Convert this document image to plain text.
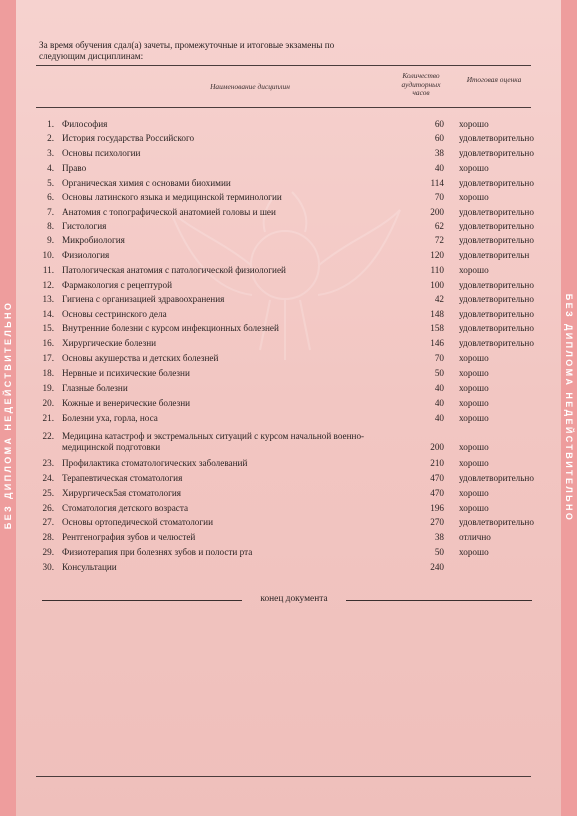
БЕЗ ДИПЛОМА НЕДЕЙСТВИТЕЛЬНО	БЕЗ ДИПЛОМА НЕДЕЙСТВИТЕЛЬНО
За время обучения сдал(а) зачеты, промежуточные и итоговые экзамены по следующим дисциплинам:
Наименование дисциплин
Количество аудиторных часов
Итоговая оценка
1. Философия	60 хорошо
2. История государства Российского	60 удовлетворительно
3. Основы психологии	38 удовлетворительно
4. Право	40 хорошо
5. Органическая химия с основами биохимии	114 удовлетворительно
6. Основы латинского языка и медицинской терминологии	70 хорошо
7. Анатомия с топографической анатомией головы и шеи	200 удовлетворительно
8. Гистология	62 удовлетворительно
9. Микробиология	72 удовлетворительно
10. Физиология	120 удовлетворительн
11. Патологическая анатомия с патологической физиологией	110 хорошо
12. Фармакология с рецептурой	100 удовлетворительно
13. Гигиена с организацией здравоохранения	42 удовлетворительно
14. Основы сестринского дела	148 удовлетворительно
15. Внутренние болезни с курсом инфекционных болезней	158 удовлетворительно
16. Хирургические болезни	146 удовлетворительно
17. Основы акушерства и детских болезней	70 хорошо
18. Нервные и психические болезни	50 хорошо
19. Глазные болезни	40 хорошо
20. Кожные и венерические болезни	40 хорошо
21. Болезни уха, горла, носа	40 хорошо
22. Медицина катастроф и экстремальных ситуаций с курсом начальной военно-медицинской подготовки	200 хорошо
23. Профилактика стоматологических заболеваний	210 хорошо
24. Терапевтическая стоматология	470 удовлетворительно
25. Хирургическ5ая стоматология	470 хорошо
26. Стоматология детского возраста	196 хорошо
27. Основы ортопедической стоматологии	270 удовлетворительно
28. Рентгенография зубов и челюстей	38 отлично
29. Физиотерапия при болезнях зубов и полости рта	50 хорошо
30. Консультации	240
конец документа
